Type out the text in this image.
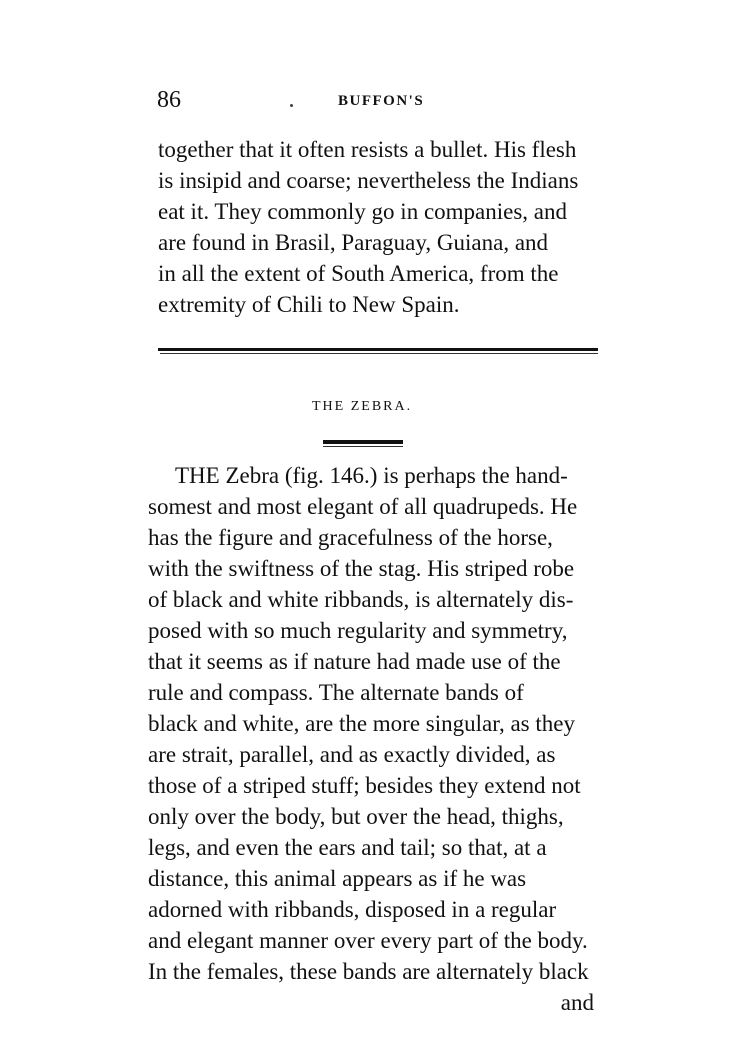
86	BUFFON'S
together that it often resists a bullet. His flesh
is insipid and coarse; nevertheless the Indians
eat it. They commonly go in companies, and
are found in Brasil, Paraguay, Guiana, and
in all the extent of South America, from the
extremity of Chili to New Spain.
THE ZEBRA.
THE Zebra (fig. 146.) is perhaps the hand-
somest and most elegant of all quadrupeds. He
has the figure and gracefulness of the horse,
with the swiftness of the stag. His striped robe
of black and white ribbands, is alternately dis-
posed with so much regularity and symmetry,
that it seems as if nature had made use of the
rule and compass. The alternate bands of
black and white, are the more singular, as they
are strait, parallel, and as exactly divided, as
those of a striped stuff; besides they extend not
only over the body, but over the head, thighs,
legs, and even the ears and tail; so that, at a
distance, this animal appears as if he was
adorned with ribbands, disposed in a regular
and elegant manner over every part of the body.
In the females, these bands are alternately black
and
